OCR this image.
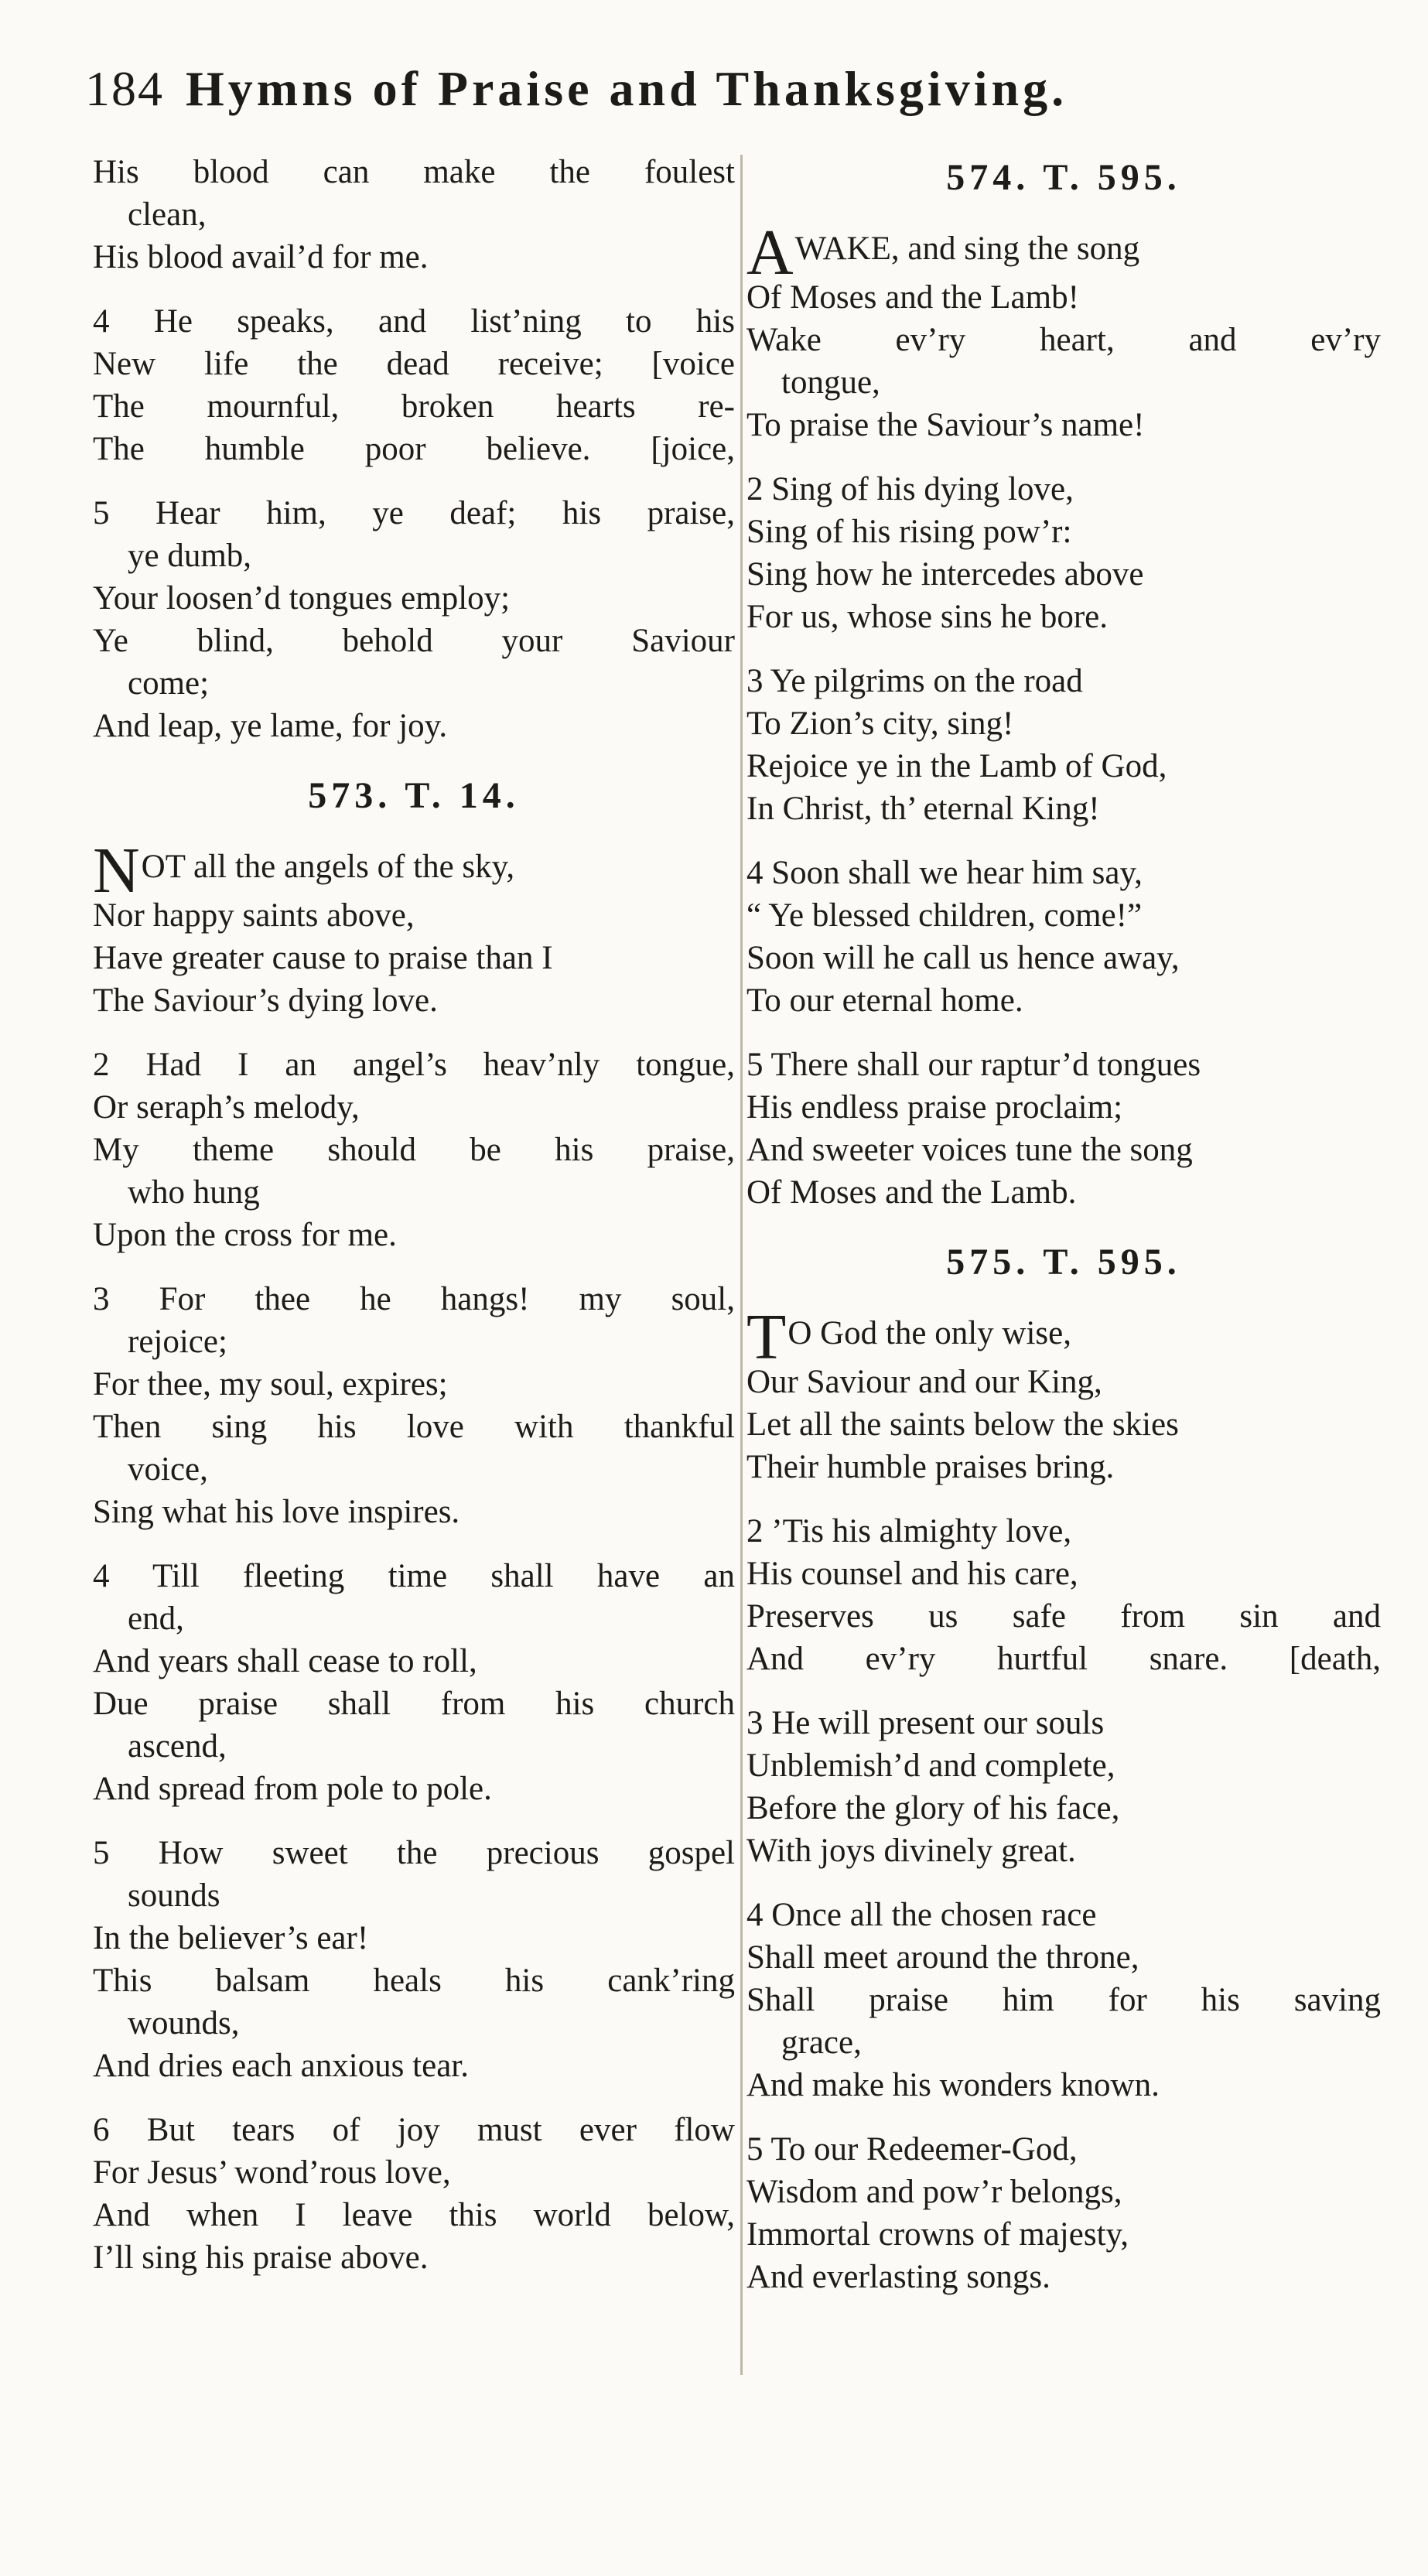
184 Hymns of Praise and Thanksgiving.
His blood can make the foulest
clean,
His blood avail’d for me.
4 He speaks, and list’ning to his
New life the dead receive; [voice
The mournful, broken hearts re-
The humble poor believe. [joice,
5 Hear him, ye deaf; his praise,
ye dumb,
Your loosen’d tongues employ;
Ye blind, behold your Saviour
come;
And leap, ye lame, for joy.
573. T. 14.
NOT all the angels of the sky,
Nor happy saints above,
Have greater cause to praise than I
The Saviour’s dying love.
2 Had I an angel’s heav’nly tongue,
Or seraph’s melody,
My theme should be his praise,
who hung
Upon the cross for me.
3 For thee he hangs! my soul,
rejoice;
For thee, my soul, expires;
Then sing his love with thankful
voice,
Sing what his love inspires.
4 Till fleeting time shall have an
end,
And years shall cease to roll,
Due praise shall from his church
ascend,
And spread from pole to pole.
5 How sweet the precious gospel
sounds
In the believer’s ear!
This balsam heals his cank’ring
wounds,
And dries each anxious tear.
6 But tears of joy must ever flow
For Jesus’ wond’rous love,
And when I leave this world below,
I’ll sing his praise above.
574. T. 595.
AWAKE, and sing the song
Of Moses and the Lamb!
Wake ev’ry heart, and ev’ry
tongue,
To praise the Saviour’s name!
2 Sing of his dying love,
Sing of his rising pow’r:
Sing how he intercedes above
For us, whose sins he bore.
3 Ye pilgrims on the road
To Zion’s city, sing!
Rejoice ye in the Lamb of God,
In Christ, th’ eternal King!
4 Soon shall we hear him say,
“ Ye blessed children, come!”
Soon will he call us hence away,
To our eternal home.
5 There shall our raptur’d tongues
His endless praise proclaim;
And sweeter voices tune the song
Of Moses and the Lamb.
575. T. 595.
TO God the only wise,
Our Saviour and our King,
Let all the saints below the skies
Their humble praises bring.
2 ’Tis his almighty love,
His counsel and his care,
Preserves us safe from sin and
And ev’ry hurtful snare. [death,
3 He will present our souls
Unblemish’d and complete,
Before the glory of his face,
With joys divinely great.
4 Once all the chosen race
Shall meet around the throne,
Shall praise him for his saving
grace,
And make his wonders known.
5 To our Redeemer-God,
Wisdom and pow’r belongs,
Immortal crowns of majesty,
And everlasting songs.
